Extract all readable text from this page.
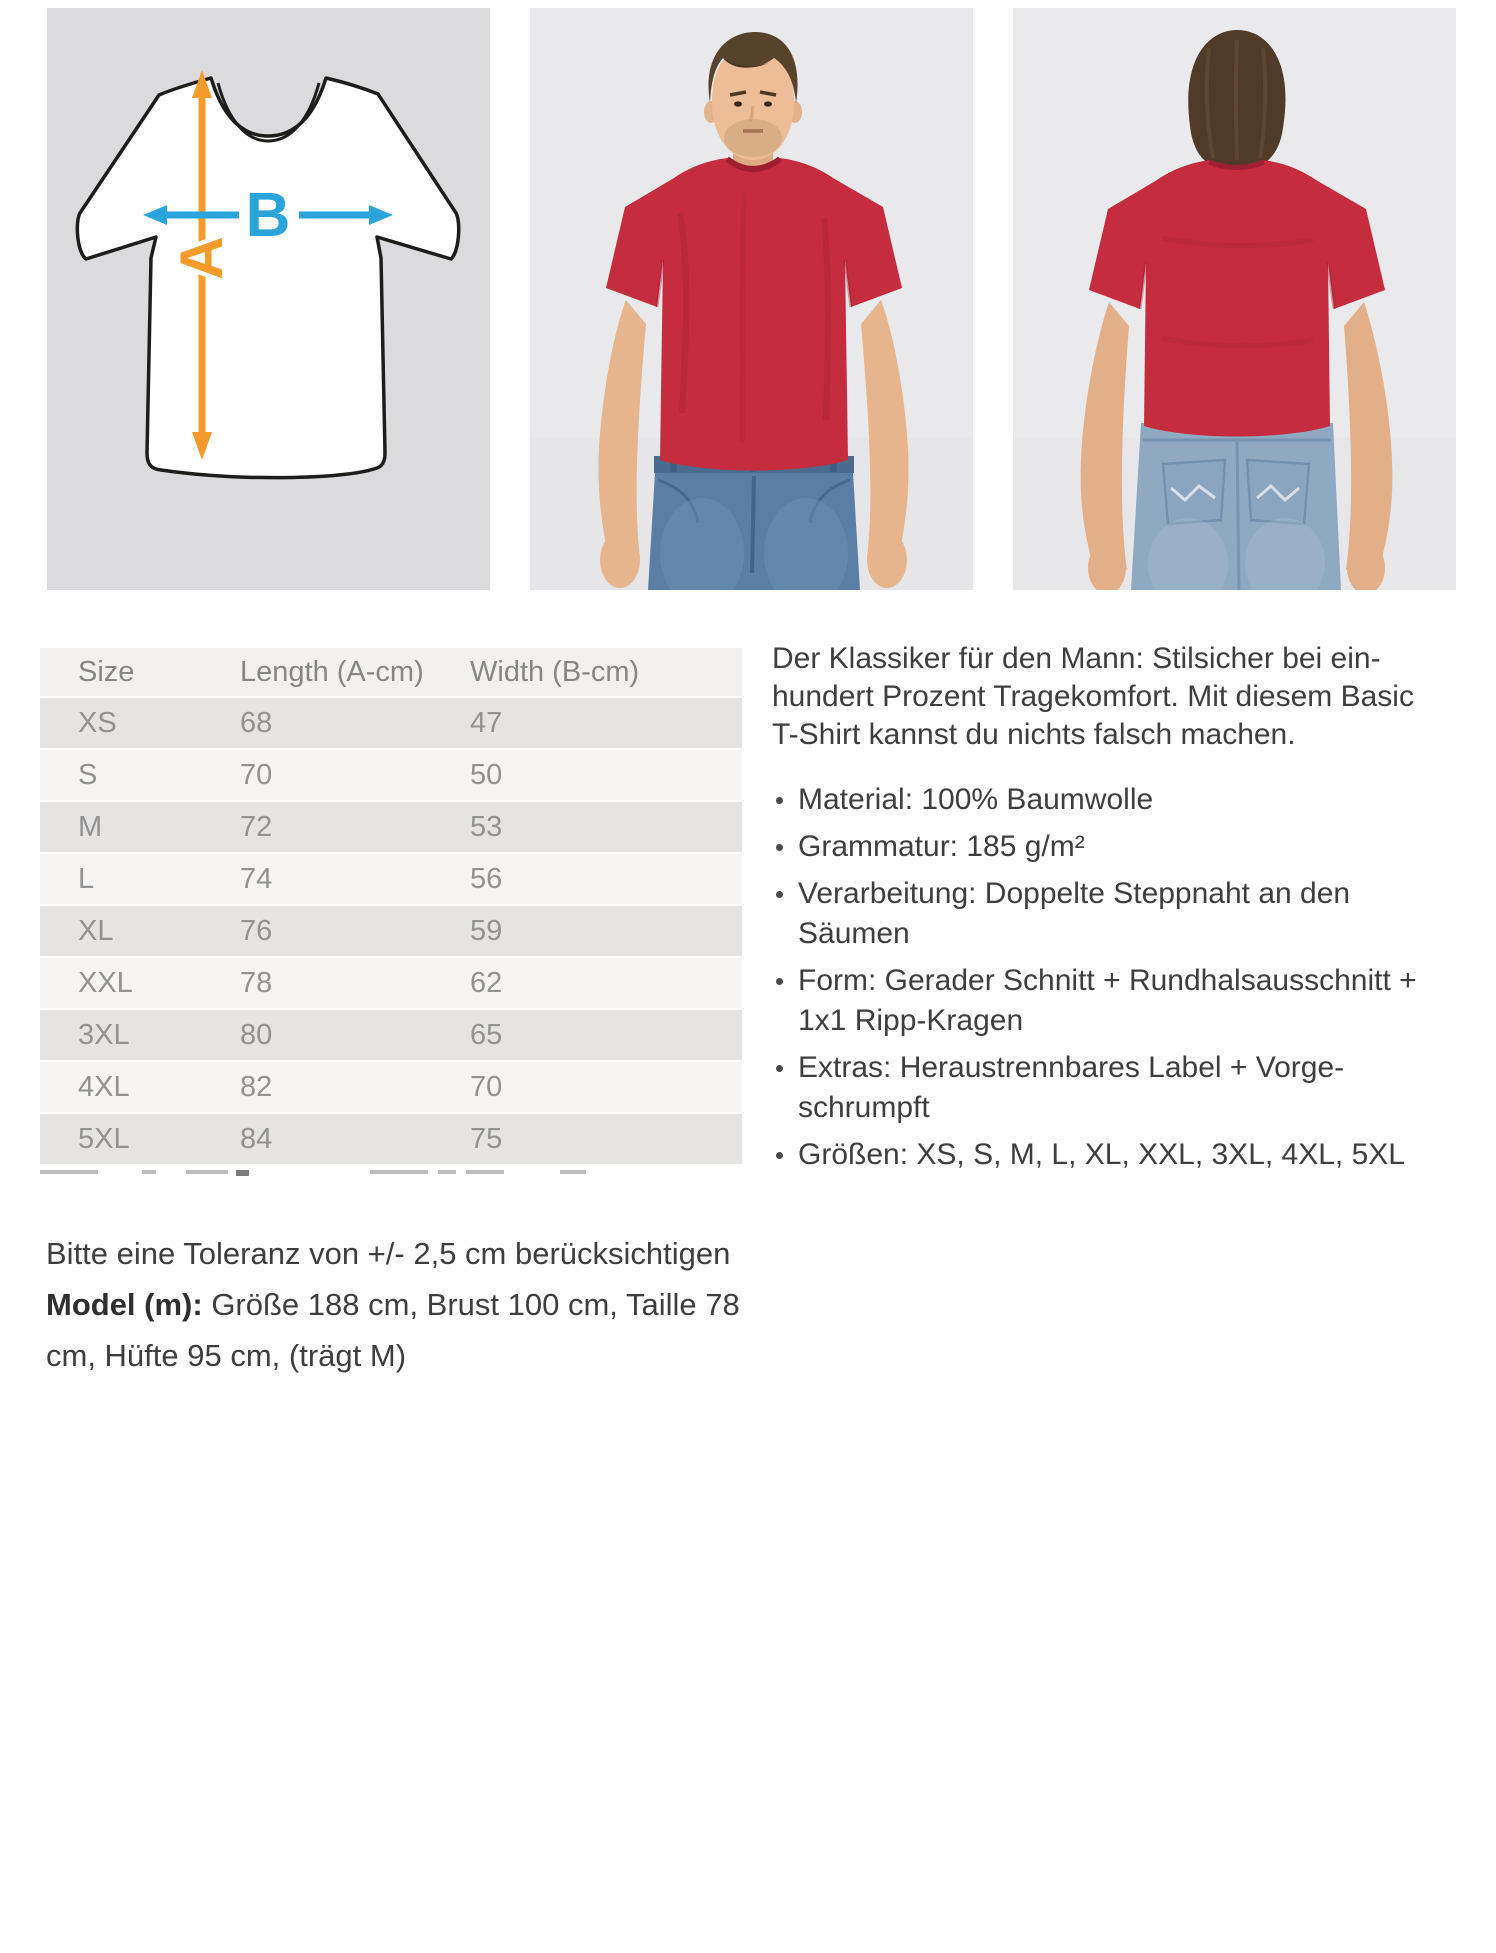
A
B
Size	Length (A-cm)	Width (B-cm)
XS	68	47
S	70	50
M	72	53
L	74	56
XL	76	59
XXL	78	62
3XL	80	65
4XL	82	70
5XL	84	75
Der Klassiker für den Mann: Stilsicher bei einhundert Prozent Tragekomfort. Mit diesem Basic T-Shirt kannst du nichts falsch machen.
Material: 100% Baumwolle
Grammatur: 185 g/m²
Verarbeitung: Doppelte Steppnaht an den Säumen
Form: Gerader Schnitt + Rundhalsausschnitt + 1x1 Ripp-Kragen
Extras: Heraustrennbares Label + Vorgeschrumpft
Größen: XS, S, M, L, XL, XXL, 3XL, 4XL, 5XL
Bitte eine Toleranz von +/- 2,5 cm berücksichtigen
Model (m): Größe 188 cm, Brust 100 cm, Taille 78 cm, Hüfte 95 cm, (trägt M)
